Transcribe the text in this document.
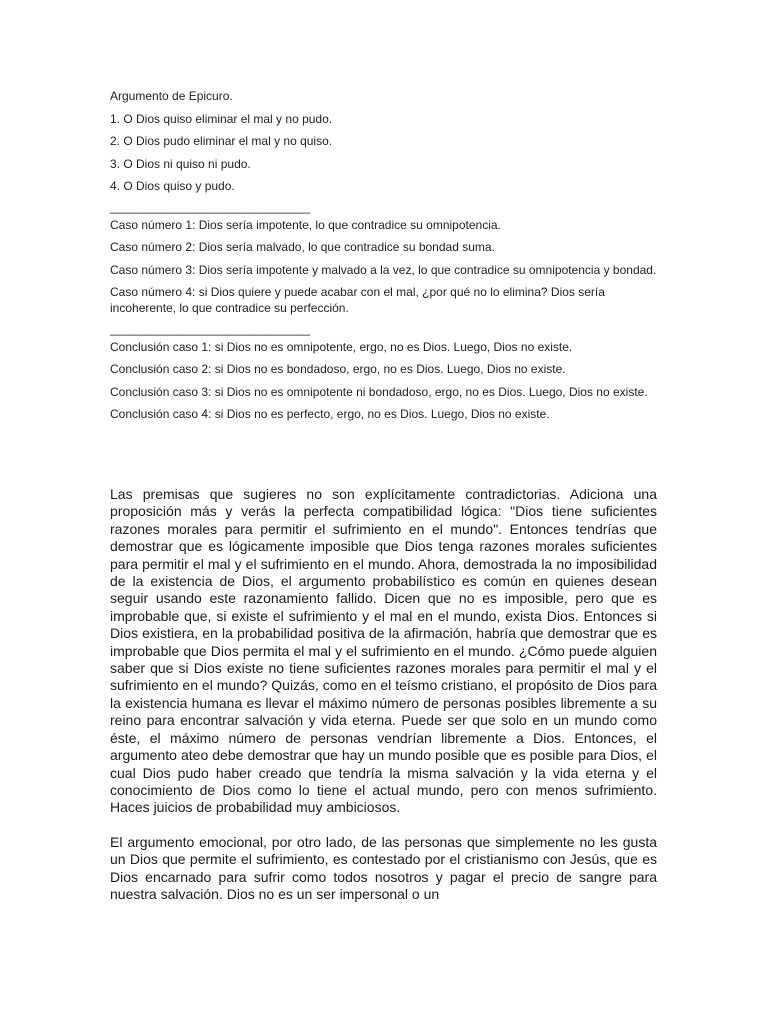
Argumento de Epicuro.
1. O Dios quiso eliminar el mal y no pudo.
2. O Dios pudo eliminar el mal y no quiso.
3. O Dios ni quiso ni pudo.
4. O Dios quiso y pudo.
______________________________
Caso número 1: Dios sería impotente, lo que contradice su omnipotencia.
Caso número 2: Dios sería malvado, lo que contradice su bondad suma.
Caso número 3: Dios sería impotente y malvado a la vez, lo que contradice su omnipotencia y bondad.
Caso número 4: si Dios quiere y puede acabar con el mal, ¿por qué no lo elimina? Dios sería incoherente, lo que contradice su perfección.
______________________________
Conclusión caso 1: si Dios no es omnipotente, ergo, no es Dios. Luego, Dios no existe.
Conclusión caso 2: si Dios no es bondadoso, ergo, no es Dios. Luego, Dios no existe.
Conclusión caso 3: si Dios no es omnipotente ni bondadoso, ergo, no es Dios. Luego, Dios no existe.
Conclusión caso 4: si Dios no es perfecto, ergo, no es Dios. Luego, Dios no existe.

Las premisas que sugieres no son explícitamente contradictorias. Adiciona una proposición más y verás la perfecta compatibilidad lógica: "Dios tiene suficientes razones morales para permitir el sufrimiento en el mundo". Entonces tendrías que demostrar que es lógicamente imposible que Dios tenga razones morales suficientes para permitir el mal y el sufrimiento en el mundo. Ahora, demostrada la no imposibilidad de la existencia de Dios, el argumento probabilístico es común en quienes desean seguir usando este razonamiento fallido. Dicen que no es imposible, pero que es improbable que, si existe el sufrimiento y el mal en el mundo, exista Dios. Entonces si Dios existiera, en la probabilidad positiva de la afirmación, habría que demostrar que es improbable que Dios permita el mal y el sufrimiento en el mundo. ¿Cómo puede alguien saber que si Dios existe no tiene suficientes razones morales para permitir el mal y el sufrimiento en el mundo? Quizás, como en el teísmo cristiano, el propósito de Dios para la existencia humana es llevar el máximo número de personas posibles libremente a su reino para encontrar salvación y vida eterna. Puede ser que solo en un mundo como éste, el máximo número de personas vendrían libremente a Dios. Entonces, el argumento ateo debe demostrar que hay un mundo posible que es posible para Dios, el cual Dios pudo haber creado que tendría la misma salvación y la vida eterna y el conocimiento de Dios como lo tiene el actual mundo, pero con menos sufrimiento. Haces juicios de probabilidad muy ambiciosos.

El argumento emocional, por otro lado, de las personas que simplemente no les gusta un Dios que permite el sufrimiento, es contestado por el cristianismo con Jesús, que es Dios encarnado para sufrir como todos nosotros y pagar el precio de sangre para nuestra salvación. Dios no es un ser impersonal o un
